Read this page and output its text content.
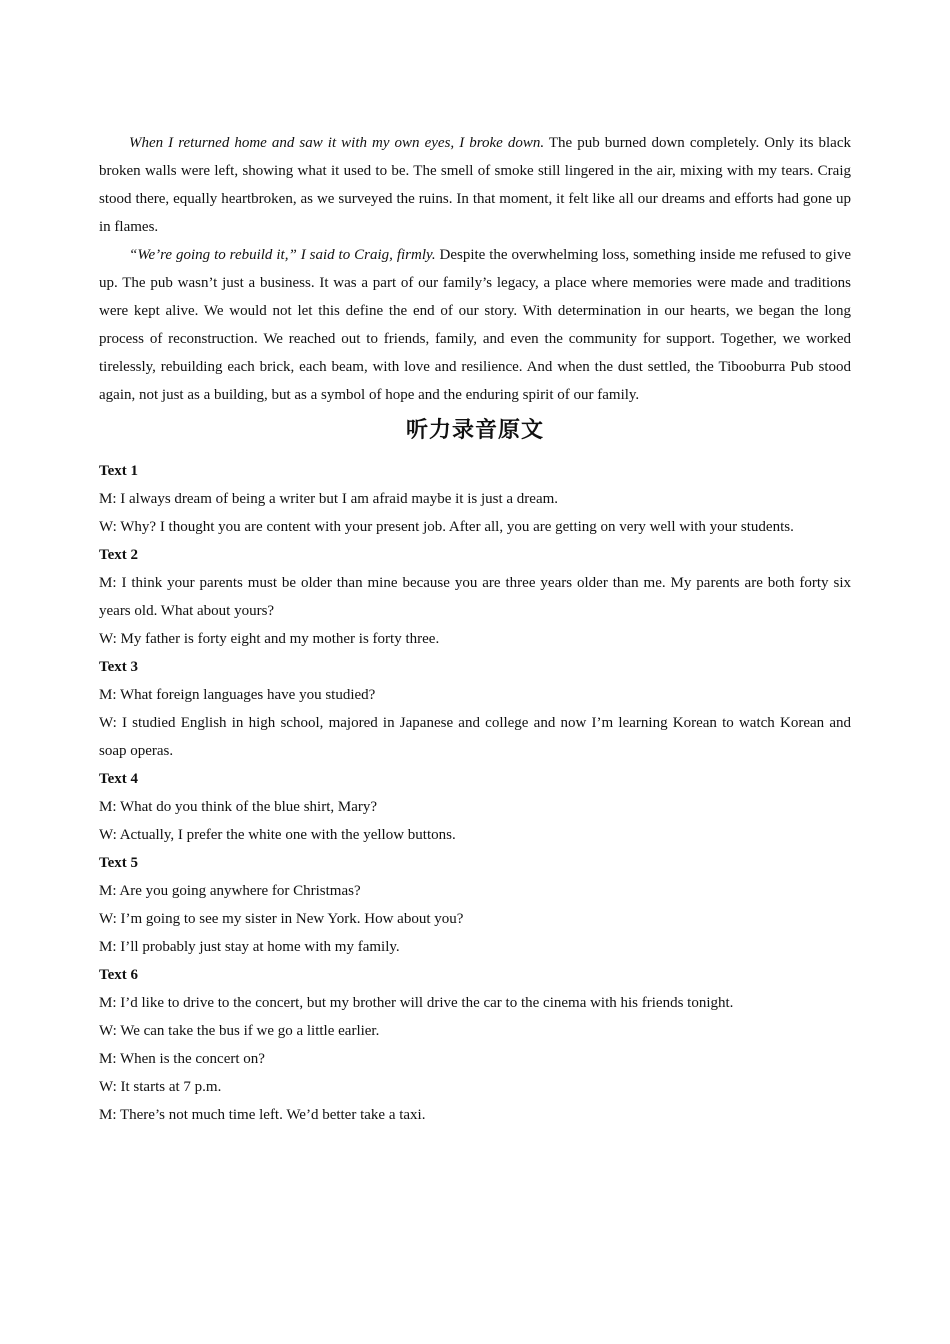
When I returned home and saw it with my own eyes, I broke down. The pub burned down completely. Only its black broken walls were left, showing what it used to be. The smell of smoke still lingered in the air, mixing with my tears. Craig stood there, equally heartbroken, as we surveyed the ruins. In that moment, it felt like all our dreams and efforts had gone up in flames.

“We’re going to rebuild it,” I said to Craig, firmly. Despite the overwhelming loss, something inside me refused to give up. The pub wasn’t just a business. It was a part of our family’s legacy, a place where memories were made and traditions were kept alive. We would not let this define the end of our story. With determination in our hearts, we began the long process of reconstruction. We reached out to friends, family, and even the community for support. Together, we worked tirelessly, rebuilding each brick, each beam, with love and resilience. And when the dust settled, the Tibooburra Pub stood again, not just as a building, but as a symbol of hope and the enduring spirit of our family.

听力录音原文

Text 1

M: I always dream of being a writer but I am afraid maybe it is just a dream.

W: Why? I thought you are content with your present job. After all, you are getting on very well with your students.

Text 2

M: I think your parents must be older than mine because you are three years older than me. My parents are both forty six years old. What about yours?

W: My father is forty eight and my mother is forty three.

Text 3

M: What foreign languages have you studied?

W: I studied English in high school, majored in Japanese and college and now I’m learning Korean to watch Korean and soap operas.

Text 4

M: What do you think of the blue shirt, Mary?

W: Actually, I prefer the white one with the yellow buttons.

Text 5

M: Are you going anywhere for Christmas?

W: I’m going to see my sister in New York. How about you?

M: I’ll probably just stay at home with my family.

Text 6

M: I’d like to drive to the concert, but my brother will drive the car to the cinema with his friends tonight.

W: We can take the bus if we go a little earlier.

M: When is the concert on?

W: It starts at 7 p.m.

M: There’s not much time left. We’d better take a taxi.
